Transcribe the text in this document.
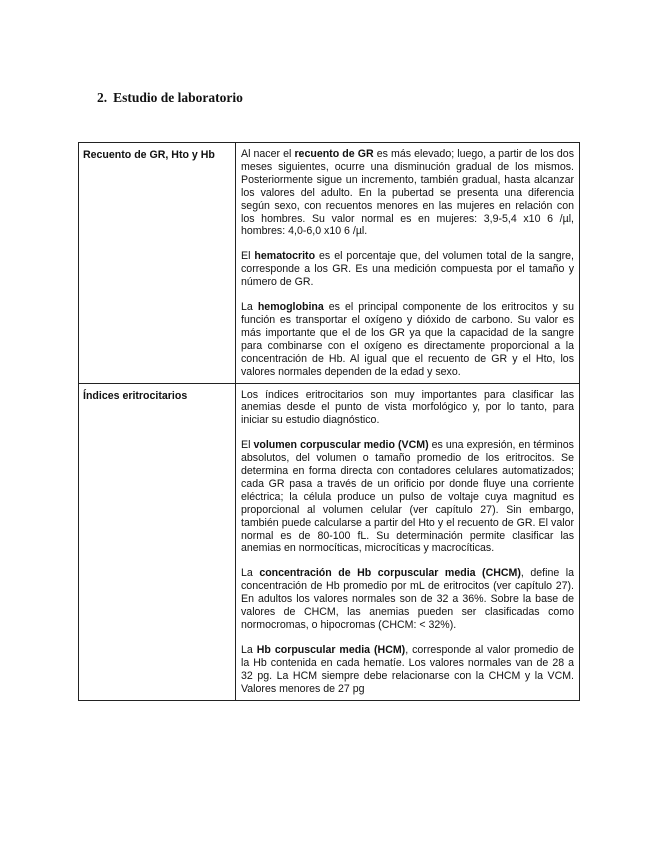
2. Estudio de laboratorio
Recuento de GR, Hto y Hb	Al nacer el recuento de GR es más elevado; luego, a partir de los dos meses siguientes, ocurre una disminución gradual de los mismos. Posteriormente sigue un incremento, también gradual, hasta alcanzar los valores del adulto. En la pubertad se presenta una diferencia según sexo, con recuentos menores en las mujeres en relación con los hombres. Su valor normal es en mujeres: 3,9-5,4 x10 6 /µl, hombres: 4,0-6,0 x10 6 /µl.

El hematocrito es el porcentaje que, del volumen total de la sangre, corresponde a los GR. Es una medición compuesta por el tamaño y número de GR.

La hemoglobina es el principal componente de los eritrocitos y su función es transportar el oxígeno y dióxido de carbono. Su valor es más importante que el de los GR ya que la capacidad de la sangre para combinarse con el oxígeno es directamente proporcional a la concentración de Hb. Al igual que el recuento de GR y el Hto, los valores normales dependen de la edad y sexo.

Índices eritrocitarios	Los índices eritrocitarios son muy importantes para clasificar las anemias desde el punto de vista morfológico y, por lo tanto, para iniciar su estudio diagnóstico.

El volumen corpuscular medio (VCM) es una expresión, en términos absolutos, del volumen o tamaño promedio de los eritrocitos. Se determina en forma directa con contadores celulares automatizados; cada GR pasa a través de un orificio por donde fluye una corriente eléctrica; la célula produce un pulso de voltaje cuya magnitud es proporcional al volumen celular (ver capítulo 27). Sin embargo, también puede calcularse a partir del Hto y el recuento de GR. El valor normal es de 80-100 fL. Su determinación permite clasificar las anemias en normocíticas, microcíticas y macrocíticas.

La concentración de Hb corpuscular media (CHCM), define la concentración de Hb promedio por mL de eritrocitos (ver capítulo 27). En adultos los valores normales son de 32 a 36%. Sobre la base de valores de CHCM, las anemias pueden ser clasificadas como normocromas, o hipocromas (CHCM: < 32%).

La Hb corpuscular media (HCM), corresponde al valor promedio de la Hb contenida en cada hematíe. Los valores normales van de 28 a 32 pg. La HCM siempre debe relacionarse con la CHCM y la VCM. Valores menores de 27 pg
